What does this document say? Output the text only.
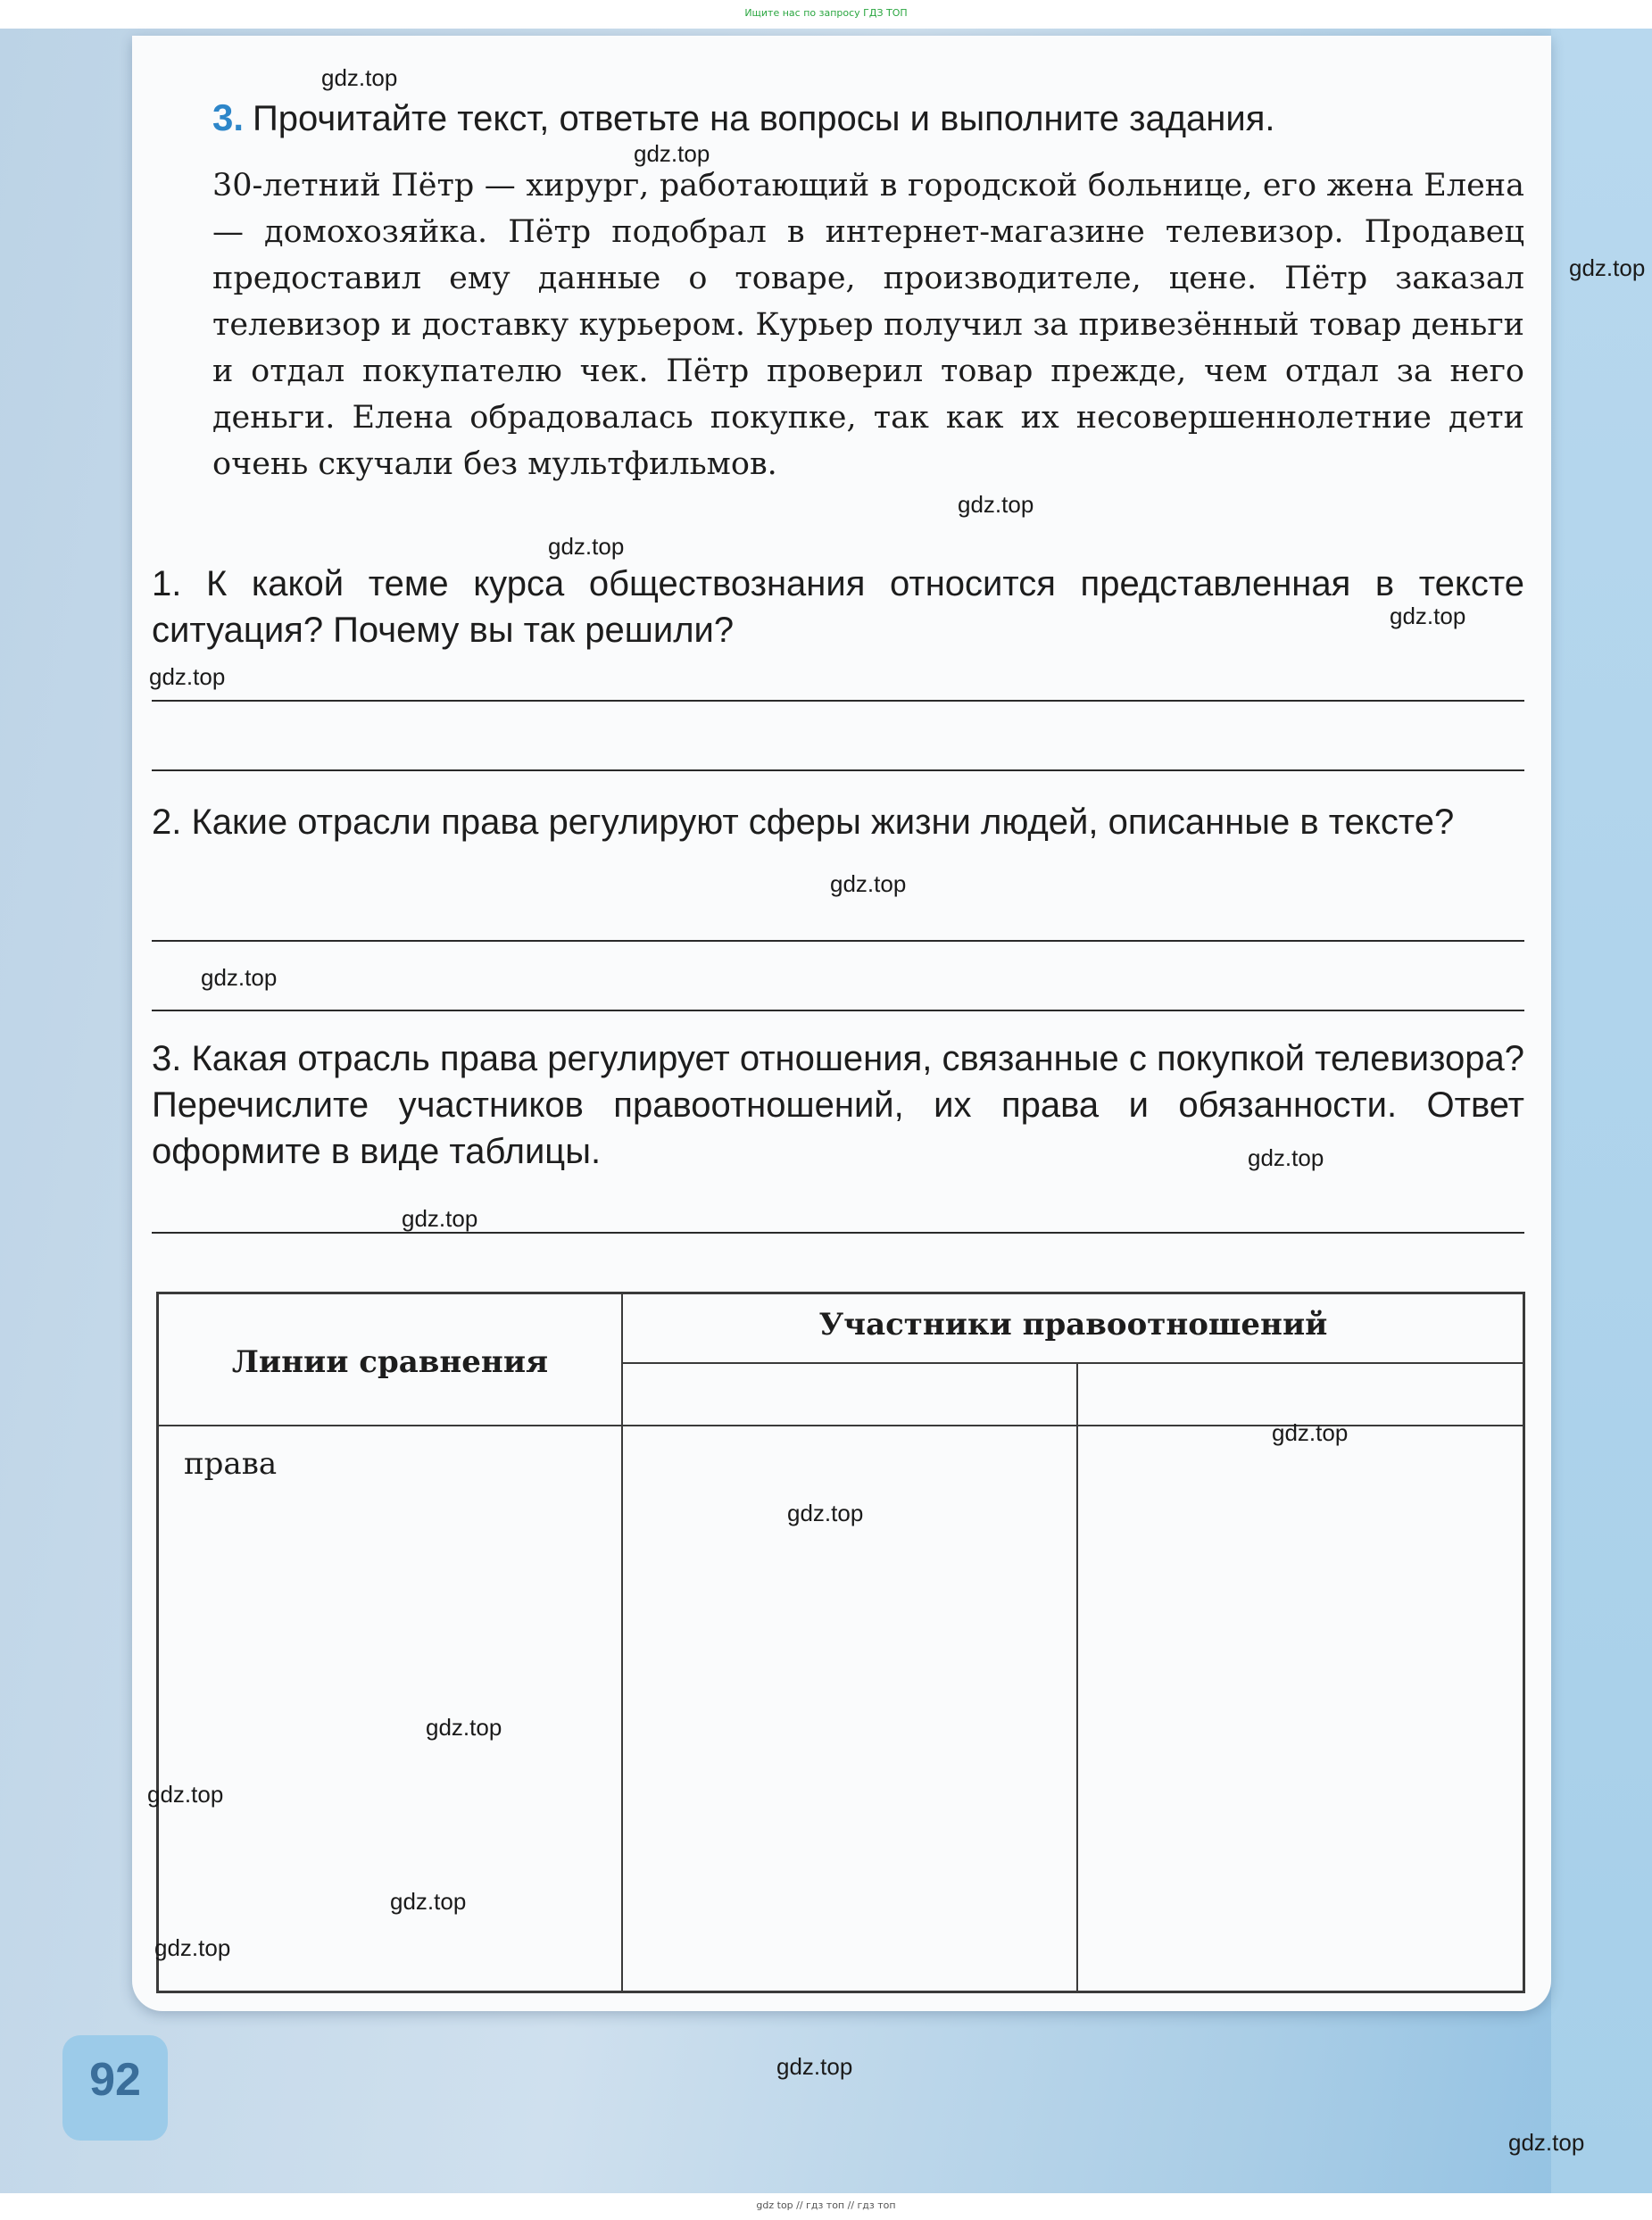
Ищите нас по запросу ГДЗ ТОП
3. Прочитайте текст, ответьте на вопросы и выполните задания.
30-летний Пётр — хирург, работающий в городской больнице, его жена Елена — домохозяйка. Пётр подобрал в интернет-магазине телевизор. Продавец предоставил ему данные о товаре, производителе, цене. Пётр заказал телевизор и доставку курьером. Курьер получил за привезённый товар деньги и отдал покупателю чек. Пётр проверил товар прежде, чем отдал за него деньги. Елена обрадовалась покупке, так как их несовершеннолетние дети очень скучали без мультфильмов.
1. К какой теме курса обществознания относится представленная в тексте ситуация? Почему вы так решили?
2. Какие отрасли права регулируют сферы жизни людей, описанные в тексте?
3. Какая отрасль права регулирует отношения, связанные с покупкой телевизора? Перечислите участников правоотношений, их права и обязанности. Ответ оформите в виде таблицы.
Участники правоотношений
Линии сравнения
права
92
gdz.top
gdz.top
gdz.top
gdz.top
gdz.top
gdz.top
gdz.top
gdz.top
gdz.top
gdz.top
gdz.top
gdz.top
gdz.top
gdz.top
gdz.top
gdz.top
gdz.top
gdz.top
gdz.top
gdz top // гдз топ // гдз топ
